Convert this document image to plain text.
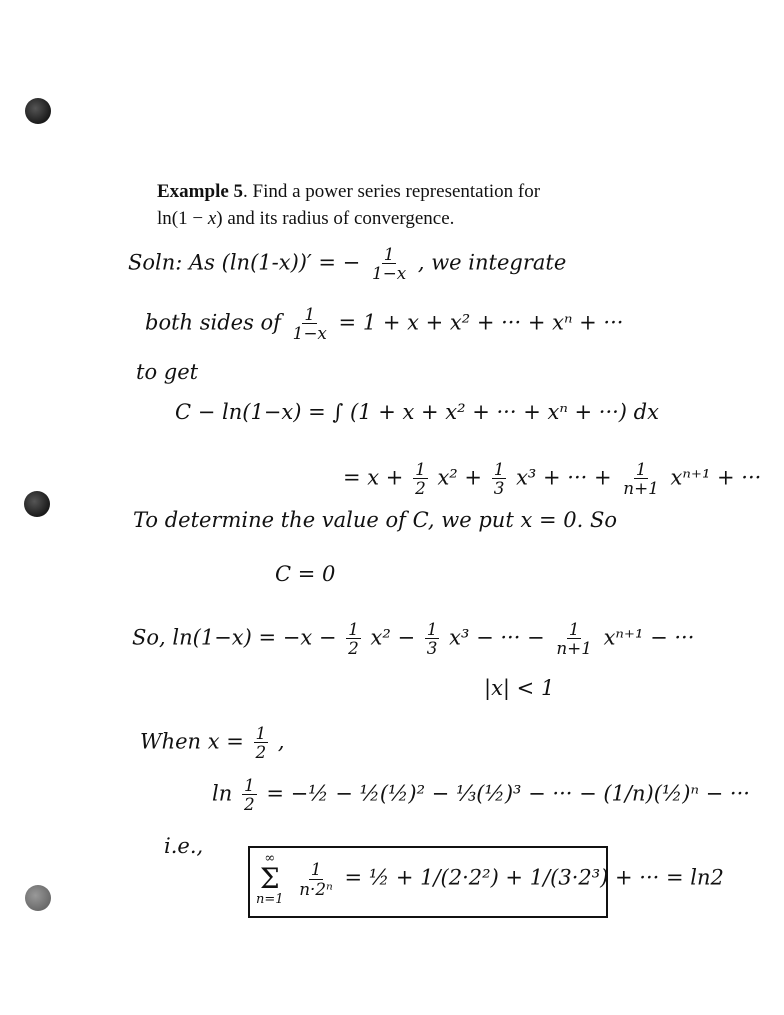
Example 5. Find a power series representation for
ln(1 − x) and its radius of convergence.
Soln: As (ln(1-x))′ = − $\frac{1}{1-x}$ , we integrate
both sides of $\frac{1}{1-x} = 1 + x + x^2$ + ··· + xⁿ + ···
to get
C − ln(1−x) = ∫ (1 + x + x² + ··· + xⁿ + ···) dx
= $x + \frac{1}{2} x^2 + \frac{1}{3} x^3$ + ··· + $\frac{1}{n+1} x^{n+1}$ + ···
To determine the value of C, we put x = 0. So
C = 0
So, $\ln(1-x) = -x - \frac{1}{2} x^2 - \frac{1}{3} x^3$ − ··· − $\frac{1}{n+1} x^{n+1}$ − ···
|x| < 1
When $x = \frac{1}{2}$ ,
$\ln \frac{1}{2}$ = −½ − ½(½)² − ⅓(½)³ − ··· − (1/n)(½)ⁿ − ···
i.e.,
∞
Σ
n=1

$\frac{1}{\text{n·2ⁿ}}$ = ½ + 1/(2·2²) + 1/(3·2³) + ··· = ln2
